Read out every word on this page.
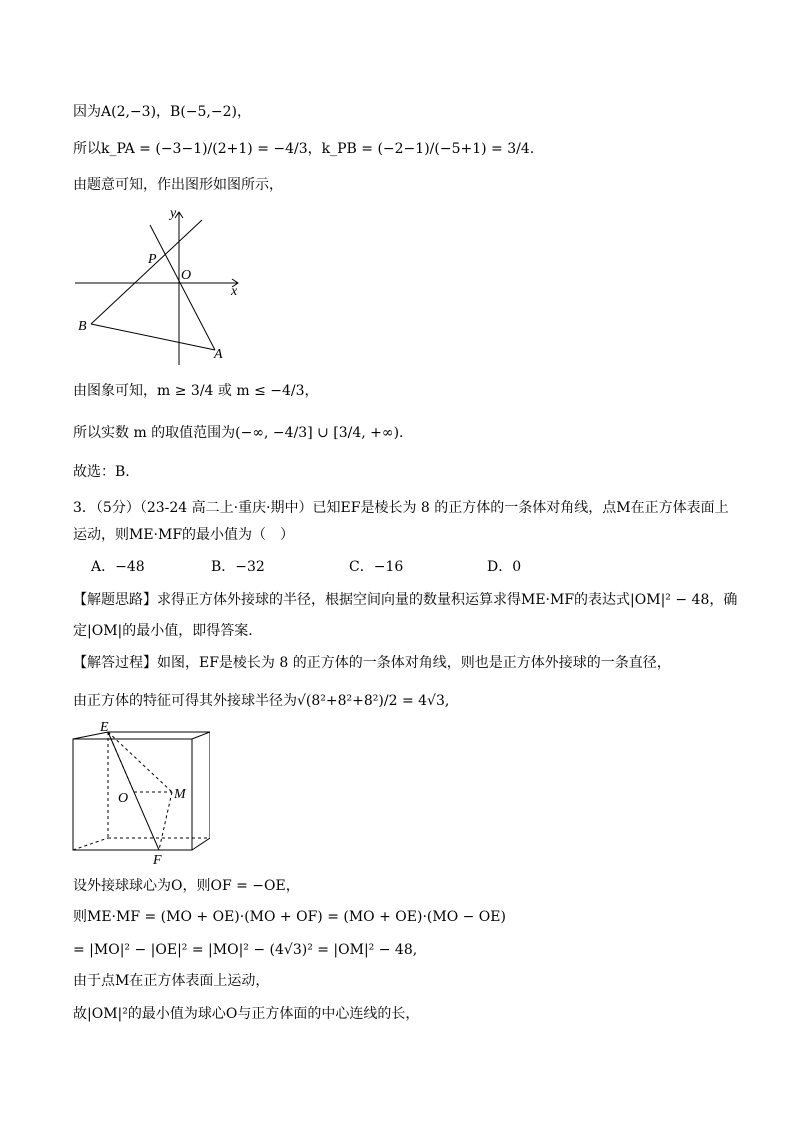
因为A(2,−3)，B(−5,−2)，
所以k_PA = (−3−1)/(2+1) = −4/3，k_PB = (−2−1)/(−5+1) = 3/4.
由题意可知，作出图形如图所示，
P
O
x
y
B
A
由图象可知，m ≥ 3/4 或 m ≤ −4/3，
所以实数 m 的取值范围为(−∞, −4/3] ∪ [3/4, +∞).
故选：B.
3．（5分）（23-24 高二上·重庆·期中）已知EF是棱长为 8 的正方体的一条体对角线，点M在正方体表面上
运动，则ME·MF的最小值为（　）
A．−48	B．−32	C．−16	D．0
【解题思路】求得正方体外接球的半径，根据空间向量的数量积运算求得ME·MF的表达式|OM|² − 48，确
定|OM|的最小值，即得答案.
【解答过程】如图，EF是棱长为 8 的正方体的一条体对角线，则也是正方体外接球的一条直径，
由正方体的特征可得其外接球半径为√(8²+8²+8²)/2 = 4√3,
E
O	M
F
设外接球球心为O，则OF = −OE，
则ME·MF = (MO + OE)·(MO + OF) = (MO + OE)·(MO − OE)
= |MO|² − |OE|² = |MO|² − (4√3)² = |OM|² − 48,
由于点M在正方体表面上运动，
故|OM|²的最小值为球心O与正方体面的中心连线的长，
